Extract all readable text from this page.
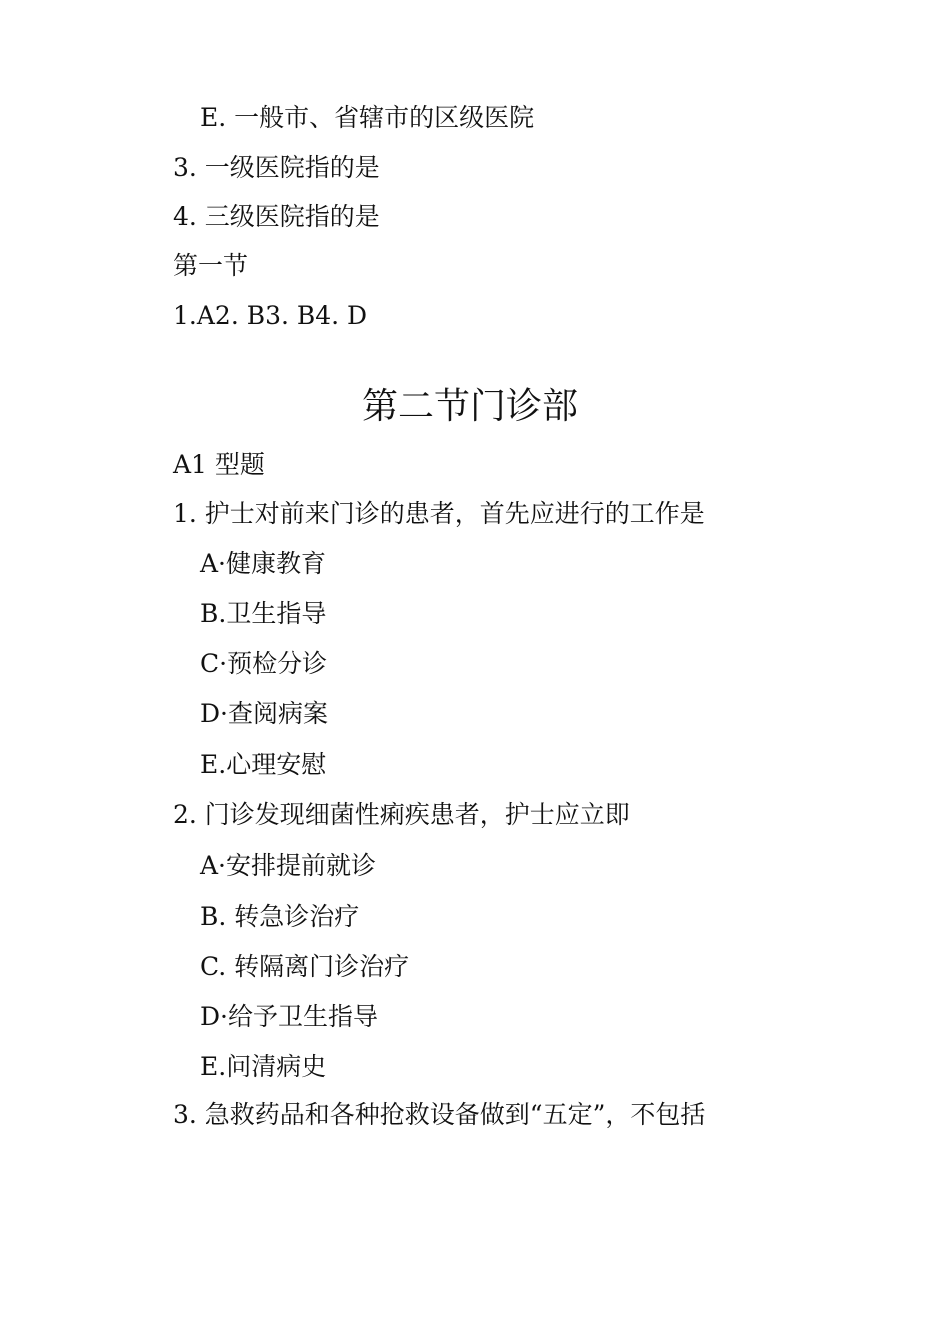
E. 一般市、省辖市的区级医院
3. 一级医院指的是
4. 三级医院指的是
第一节
1.A2. B3. B4. D
第二节门诊部
A1 型题
1. 护士对前来门诊的患者，首先应进行的工作是
A·健康教育
B.卫生指导
C·预检分诊
D·查阅病案
E.心理安慰
2. 门诊发现细菌性痢疾患者，护士应立即
A·安排提前就诊
B. 转急诊治疗
C. 转隔离门诊治疗
D·给予卫生指导
E.问清病史
3. 急救药品和各种抢救设备做到“五定”，不包括
